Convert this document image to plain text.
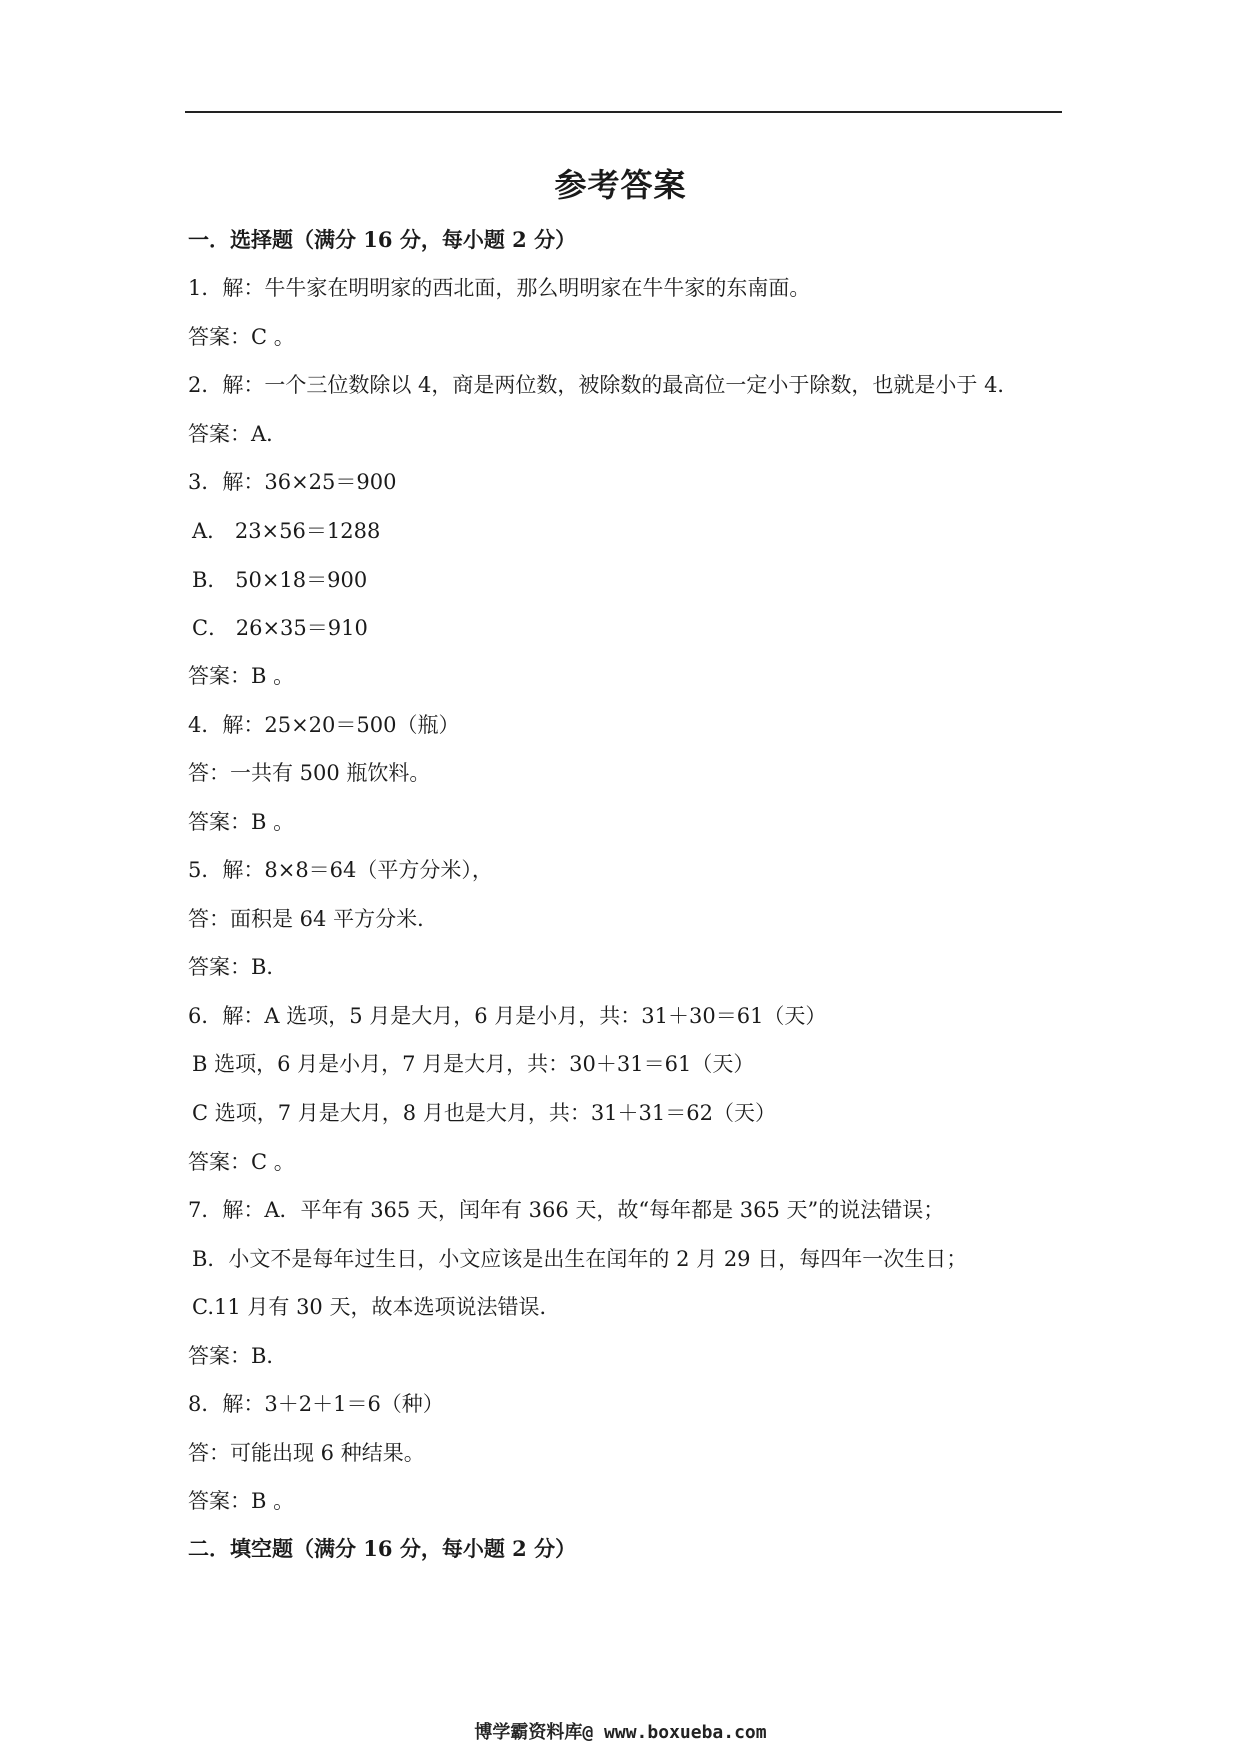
参考答案
一．选择题（满分 16 分，每小题 2 分）
1．解：牛牛家在明明家的西北面，那么明明家在牛牛家的东南面。
答案：C 。
2．解：一个三位数除以 4，商是两位数，被除数的最高位一定小于除数，也就是小于 4．
答案：A．
3．解：36×25＝900
A． 23×56＝1288
B． 50×18＝900
C． 26×35＝910
答案：B 。
4．解：25×20＝500（瓶）
答：一共有 500 瓶饮料。
答案：B 。
5．解：8×8＝64（平方分米），
答：面积是 64 平方分米．
答案：B．
6．解：A 选项，5 月是大月，6 月是小月，共：31＋30＝61（天）
B 选项，6 月是小月，7 月是大月，共：30＋31＝61（天）
C 选项，7 月是大月，8 月也是大月，共：31＋31＝62（天）
答案：C 。
7．解：A．平年有 365 天，闰年有 366 天，故“每年都是 365 天”的说法错误；
B．小文不是每年过生日，小文应该是出生在闰年的 2 月 29 日，每四年一次生日；
C.11 月有 30 天，故本选项说法错误．
答案：B．
8．解：3＋2＋1＝6（种）
答：可能出现 6 种结果。
答案：B 。
二．填空题（满分 16 分，每小题 2 分）
博学霸资料库@ www.boxueba.com
